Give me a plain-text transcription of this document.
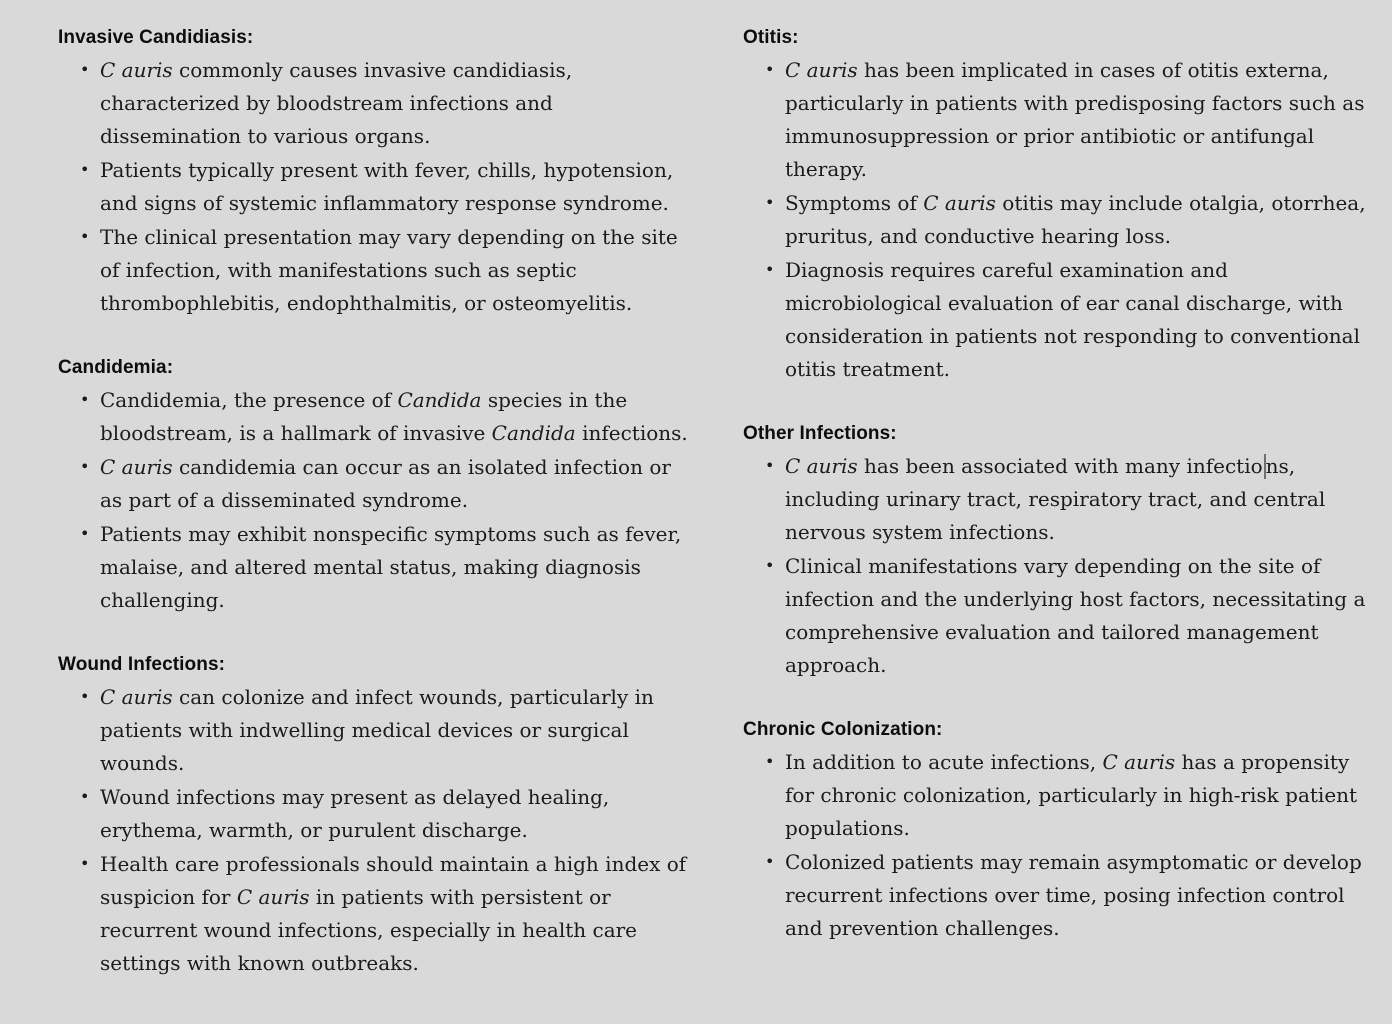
Invasive Candidiasis:
• C auris commonly causes invasive candidiasis, characterized by bloodstream infections and dissemination to various organs.
• Patients typically present with fever, chills, hypotension, and signs of systemic inflammatory response syndrome.
• The clinical presentation may vary depending on the site of infection, with manifestations such as septic thrombophlebitis, endophthalmitis, or osteomyelitis.
Candidemia:
• Candidemia, the presence of Candida species in the bloodstream, is a hallmark of invasive Candida infections.
• C auris candidemia can occur as an isolated infection or as part of a disseminated syndrome.
• Patients may exhibit nonspecific symptoms such as fever, malaise, and altered mental status, making diagnosis challenging.
Wound Infections:
• C auris can colonize and infect wounds, particularly in patients with indwelling medical devices or surgical wounds.
• Wound infections may present as delayed healing, erythema, warmth, or purulent discharge.
• Health care professionals should maintain a high index of suspicion for C auris in patients with persistent or recurrent wound infections, especially in health care settings with known outbreaks.
Otitis:
• C auris has been implicated in cases of otitis externa, particularly in patients with predisposing factors such as immunosuppression or prior antibiotic or antifungal therapy.
• Symptoms of C auris otitis may include otalgia, otorrhea, pruritus, and conductive hearing loss.
• Diagnosis requires careful examination and microbiological evaluation of ear canal discharge, with consideration in patients not responding to conventional otitis treatment.
Other Infections:
• C auris has been associated with many infectio ns, including urinary tract, respiratory tract, and central nervous system infections.
• Clinical manifestations vary depending on the site of infection and the underlying host factors, necessitating a comprehensive evaluation and tailored management approach.
Chronic Colonization:
• In addition to acute infections, C auris has a propensity for chronic colonization, particularly in high-risk patient populations.
• Colonized patients may remain asymptomatic or develop recurrent infections over time, posing infection control and prevention challenges.
